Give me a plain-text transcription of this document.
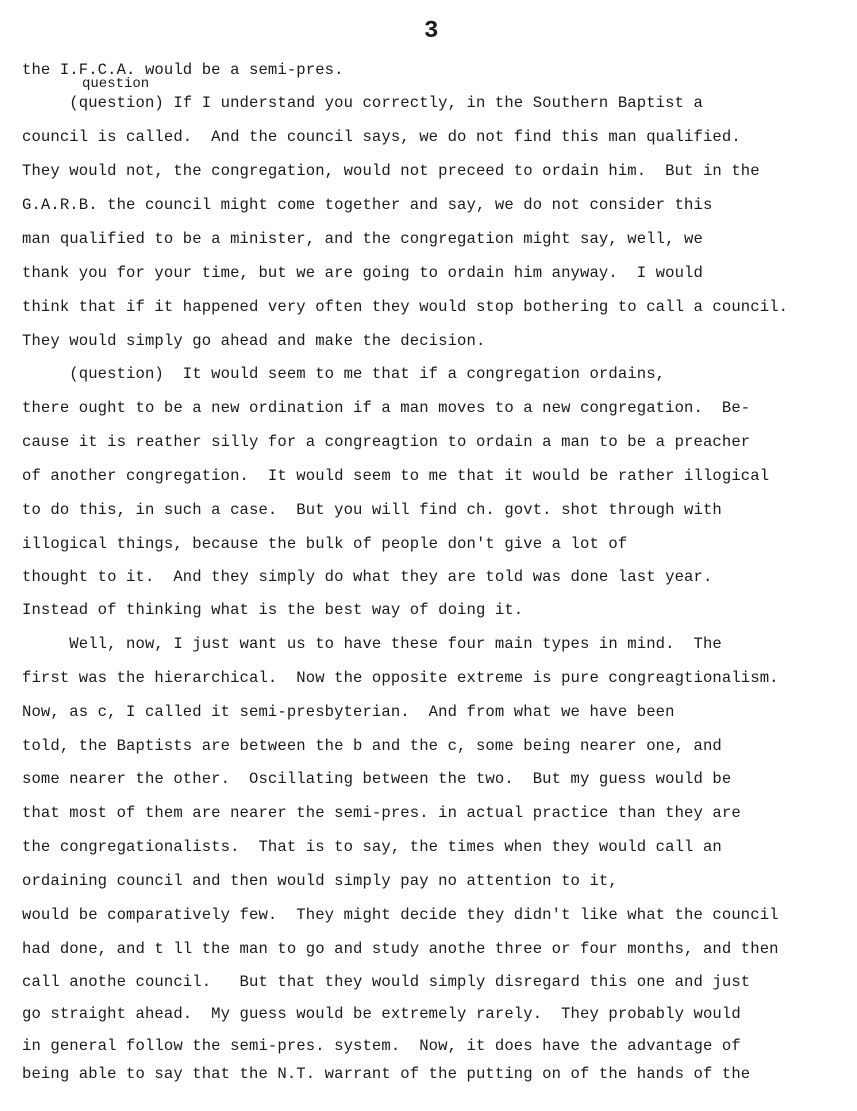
3
question
the I.F.C.A. would be a semi-pres.
(question) If I understand you correctly, in the Southern Baptist a
council is called.  And the council says, we do not find this man qualified.
They would not, the congregation, would not preceed to ordain him.  But in the
G.A.R.B. the council might come together and say, we do not consider this
man qualified to be a minister, and the congregation might say, well, we
thank you for your time, but we are going to ordain him anyway.  I would
think that if it happened very often they would stop bothering to call a council.
They would simply go ahead and make the decision.
(question)  It would seem to me that if a congregation ordains,
there ought to be a new ordination if a man moves to a new congregation.  Be-
cause it is reather silly for a congreagtion to ordain a man to be a preacher
of another congregation.  It would seem to me that it would be rather illogical
to do this, in such a case.  But you will find ch. govt. shot through with
illogical things, because the bulk of people don't give a lot of
thought to it.  And they simply do what they are told was done last year.
Instead of thinking what is the best way of doing it.
Well, now, I just want us to have these four main types in mind.  The
first was the hierarchical.  Now the opposite extreme is pure congreagtionalism.
Now, as c, I called it semi-presbyterian.  And from what we have been
told, the Baptists are between the b and the c, some being nearer one, and
some nearer the other.  Oscillating between the two.  But my guess would be
that most of them are nearer the semi-pres. in actual practice than they are
the congregationalists.  That is to say, the times when they would call an
ordaining council and then would simply pay no attention to it,
would be comparatively few.  They might decide they didn't like what the council
had done, and t ll the man to go and study anothe three or four months, and then
call anothe council.   But that they would simply disregard this one and just
go straight ahead.  My guess would be extremely rarely.  They probably would
in general follow the semi-pres. system.  Now, it does have the advantage of
being able to say that the N.T. warrant of the putting on of the hands of the
